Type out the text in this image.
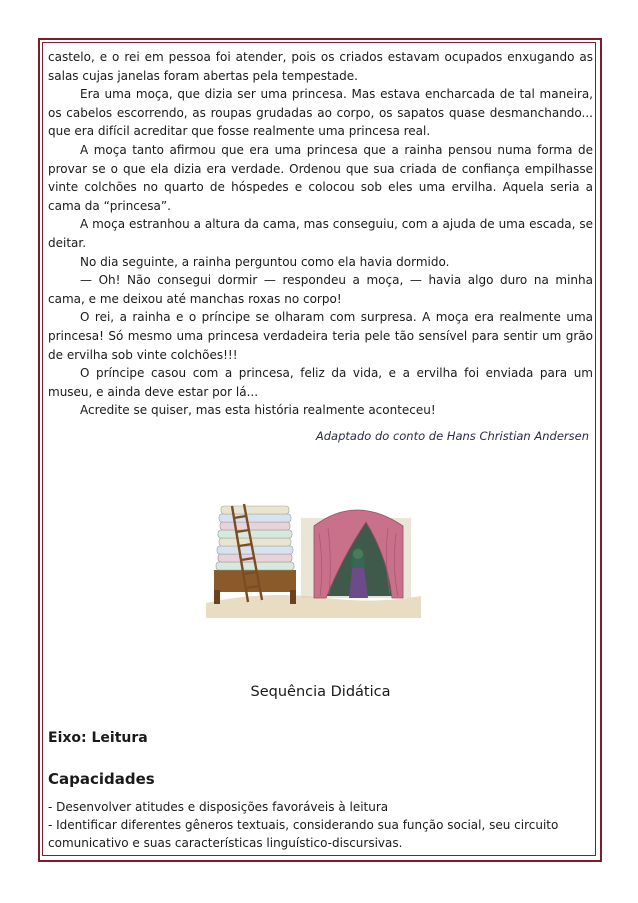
castelo, e o rei em pessoa foi atender, pois os criados estavam ocupados enxugando as salas cujas janelas foram abertas pela tempestade.

Era uma moça, que dizia ser uma princesa. Mas estava encharcada de tal maneira, os cabelos escorrendo, as roupas grudadas ao corpo, os sapatos quase desmanchando... que era difícil acreditar que fosse realmente uma princesa real.

A moça tanto afirmou que era uma princesa que a rainha pensou numa forma de provar se o que ela dizia era verdade. Ordenou que sua criada de confiança empilhasse vinte colchões no quarto de hóspedes e colocou sob eles uma ervilha. Aquela seria a cama da “princesa”.

A moça estranhou a altura da cama, mas conseguiu, com a ajuda de uma escada, se deitar.

No dia seguinte, a rainha perguntou como ela havia dormido.

— Oh! Não consegui dormir — respondeu a moça, — havia algo duro na minha cama, e me deixou até manchas roxas no corpo!

O rei, a rainha e o príncipe se olharam com surpresa. A moça era realmente uma princesa! Só mesmo uma princesa verdadeira teria pele tão sensível para sentir um grão de ervilha sob vinte colchões!!!

O príncipe casou com a princesa, feliz da vida, e a ervilha foi enviada para um museu, e ainda deve estar por lá...

Acredite se quiser, mas esta história realmente aconteceu!

Adaptado do conto de Hans Christian Andersen
Sequência Didática
Eixo: Leitura
Capacidades
- Desenvolver atitudes e disposições favoráveis à leitura
- Identificar diferentes gêneros textuais, considerando sua função social, seu circuito comunicativo e suas características linguístico-discursivas.
